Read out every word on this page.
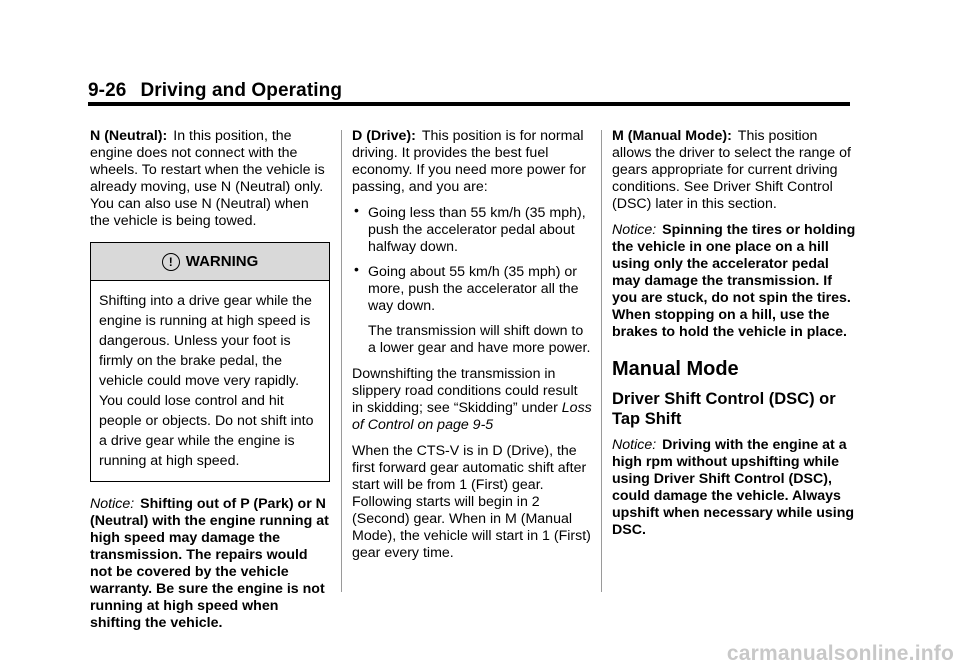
9-26 Driving and Operating

N (Neutral): In this position, the engine does not connect with the wheels. To restart when the vehicle is already moving, use N (Neutral) only. You can also use N (Neutral) when the vehicle is being towed.

! WARNING
Shifting into a drive gear while the engine is running at high speed is dangerous. Unless your foot is firmly on the brake pedal, the vehicle could move very rapidly. You could lose control and hit people or objects. Do not shift into a drive gear while the engine is running at high speed.

Notice: Shifting out of P (Park) or N (Neutral) with the engine running at high speed may damage the transmission. The repairs would not be covered by the vehicle warranty. Be sure the engine is not running at high speed when shifting the vehicle.

D (Drive): This position is for normal driving. It provides the best fuel economy. If you need more power for passing, and you are:

• Going less than 55 km/h (35 mph), push the accelerator pedal about halfway down.
• Going about 55 km/h (35 mph) or more, push the accelerator all the way down.
The transmission will shift down to a lower gear and have more power.

Downshifting the transmission in slippery road conditions could result in skidding; see “Skidding” under Loss of Control on page 9-5

When the CTS-V is in D (Drive), the first forward gear automatic shift after start will be from 1 (First) gear. Following starts will begin in 2 (Second) gear. When in M (Manual Mode), the vehicle will start in 1 (First) gear every time.

M (Manual Mode): This position allows the driver to select the range of gears appropriate for current driving conditions. See Driver Shift Control (DSC) later in this section.

Notice: Spinning the tires or holding the vehicle in one place on a hill using only the accelerator pedal may damage the transmission. If you are stuck, do not spin the tires. When stopping on a hill, use the brakes to hold the vehicle in place.

Manual Mode
Driver Shift Control (DSC) or Tap Shift

Notice: Driving with the engine at a high rpm without upshifting while using Driver Shift Control (DSC), could damage the vehicle. Always upshift when necessary while using DSC.

carmanualsonline.info
